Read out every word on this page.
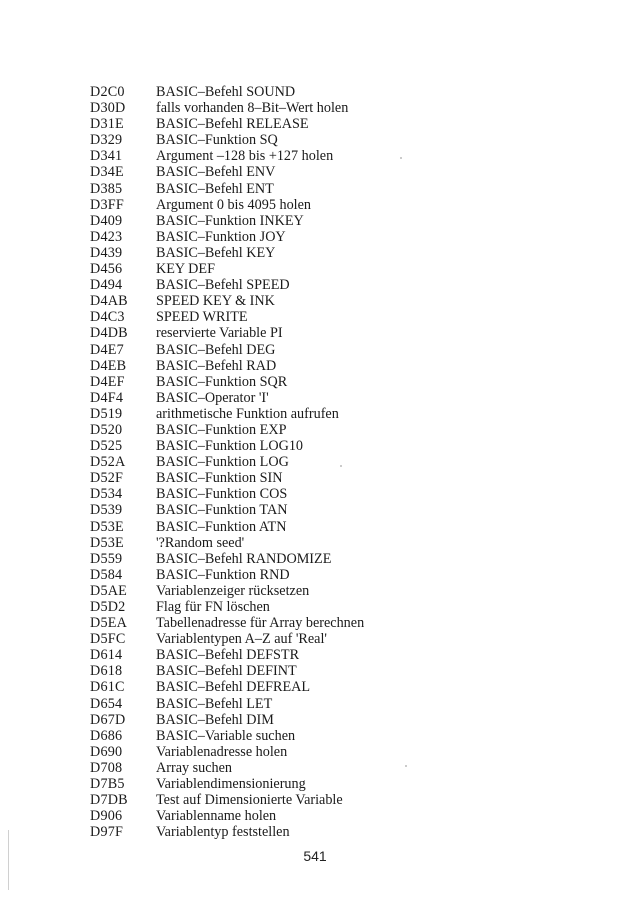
D2C0	BASIC–Befehl SOUND
D30D	falls vorhanden 8–Bit–Wert holen
D31E	BASIC–Befehl RELEASE
D329	BASIC–Funktion SQ
D341	Argument –128 bis +127 holen
D34E	BASIC–Befehl ENV
D385	BASIC–Befehl ENT
D3FF	Argument 0 bis 4095 holen
D409	BASIC–Funktion INKEY
D423	BASIC–Funktion JOY
D439	BASIC–Befehl KEY
D456	KEY DEF
D494	BASIC–Befehl SPEED
D4AB	SPEED KEY & INK
D4C3	SPEED WRITE
D4DB	reservierte Variable PI
D4E7	BASIC–Befehl DEG
D4EB	BASIC–Befehl RAD
D4EF	BASIC–Funktion SQR
D4F4	BASIC–Operator 'I'
D519	arithmetische Funktion aufrufen
D520	BASIC–Funktion EXP
D525	BASIC–Funktion LOG10
D52A	BASIC–Funktion LOG
D52F	BASIC–Funktion SIN
D534	BASIC–Funktion COS
D539	BASIC–Funktion TAN
D53E	BASIC–Funktion ATN
D53E	'?Random seed'
D559	BASIC–Befehl RANDOMIZE
D584	BASIC–Funktion RND
D5AE	Variablenzeiger rücksetzen
D5D2	Flag für FN löschen
D5EA	Tabellenadresse für Array berechnen
D5FC	Variablentypen A–Z auf 'Real'
D614	BASIC–Befehl DEFSTR
D618	BASIC–Befehl DEFINT
D61C	BASIC–Befehl DEFREAL
D654	BASIC–Befehl LET
D67D	BASIC–Befehl DIM
D686	BASIC–Variable suchen
D690	Variablenadresse holen
D708	Array suchen
D7B5	Variablendimensionierung
D7DB	Test auf Dimensionierte Variable
D906	Variablenname holen
D97F	Variablentyp feststellen
541
